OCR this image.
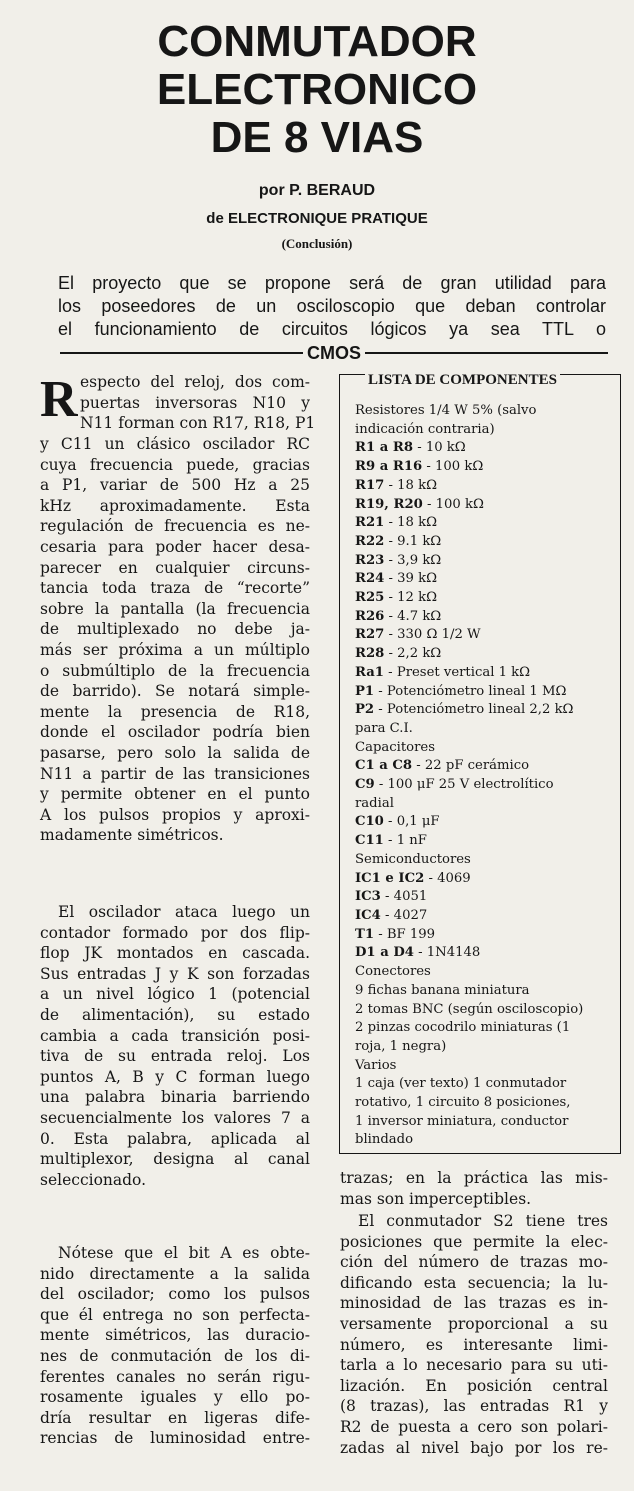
CONMUTADOR
ELECTRONICO
DE 8 VIAS
por P. BERAUD
de ELECTRONIQUE PRATIQUE
(Conclusión)
El proyecto que se propone será de gran utilidad para
los poseedores de un osciloscopio que deban controlar
el funcionamiento de circuitos lógicos ya sea TTL o
CMOS
R especto del reloj, dos com-
puertas inversoras N10 y
N11 forman con R17, R18, P1
y C11 un clásico oscilador RC
cuya frecuencia puede, gracias
a P1, variar de 500 Hz a 25
kHz aproximadamente. Esta
regulación de frecuencia es ne-
cesaria para poder hacer desa-
parecer en cualquier circuns-
tancia toda traza de “recorte”
sobre la pantalla (la frecuencia
de multiplexado no debe ja-
más ser próxima a un múltiplo
o submúltiplo de la frecuencia
de barrido). Se notará simple-
mente la presencia de R18,
donde el oscilador podría bien
pasarse, pero solo la salida de
N11 a partir de las transiciones
y permite obtener en el punto
A los pulsos propios y aproxi-
madamente simétricos.
El oscilador ataca luego un
contador formado por dos flip-
flop JK montados en cascada.
Sus entradas J y K son forzadas
a un nivel lógico 1 (potencial
de alimentación), su estado
cambia a cada transición posi-
tiva de su entrada reloj. Los
puntos A, B y C forman luego
una palabra binaria barriendo
secuencialmente los valores 7 a
0. Esta palabra, aplicada al
multiplexor, designa al canal
seleccionado.
Nótese que el bit A es obte-
nido directamente a la salida
del oscilador; como los pulsos
que él entrega no son perfecta-
mente simétricos, las duracio-
nes de conmutación de los di-
ferentes canales no serán rigu-
rosamente iguales y ello po-
dría resultar en ligeras dife-
rencias de luminosidad entre-
LISTA DE COMPONENTES
Resistores 1/4 W 5% (salvo
indicación contraria)
R1 a R8 - 10 kΩ
R9 a R16 - 100 kΩ
R17 - 18 kΩ
R19, R20 - 100 kΩ
R21 - 18 kΩ
R22 - 9.1 kΩ
R23 - 3,9 kΩ
R24 - 39 kΩ
R25 - 12 kΩ
R26 - 4.7 kΩ
R27 - 330 Ω 1/2 W
R28 - 2,2 kΩ
Ra1 - Preset vertical 1 kΩ
P1 - Potenciómetro lineal 1 MΩ
P2 - Potenciómetro lineal 2,2 kΩ
para C.I.
Capacitores
C1 a C8 - 22 pF cerámico
C9 - 100 μF 25 V electrolítico
radial
C10 - 0,1 μF
C11 - 1 nF
Semiconductores
IC1 e IC2 - 4069
IC3 - 4051
IC4 - 4027
T1 - BF 199
D1 a D4 - 1N4148
Conectores
9 fichas banana miniatura
2 tomas BNC (según osciloscopio)
2 pinzas cocodrilo miniaturas (1
roja, 1 negra)
Varios
1 caja (ver texto) 1 conmutador
rotativo, 1 circuito 8 posiciones,
1 inversor miniatura, conductor
blindado
trazas; en la práctica las mis-
mas son imperceptibles.
El conmutador S2 tiene tres
posiciones que permite la elec-
ción del número de trazas mo-
dificando esta secuencia; la lu-
minosidad de las trazas es in-
versamente proporcional a su
número, es interesante limi-
tarla a lo necesario para su uti-
lización. En posición central
(8 trazas), las entradas R1 y
R2 de puesta a cero son polari-
zadas al nivel bajo por los re-
